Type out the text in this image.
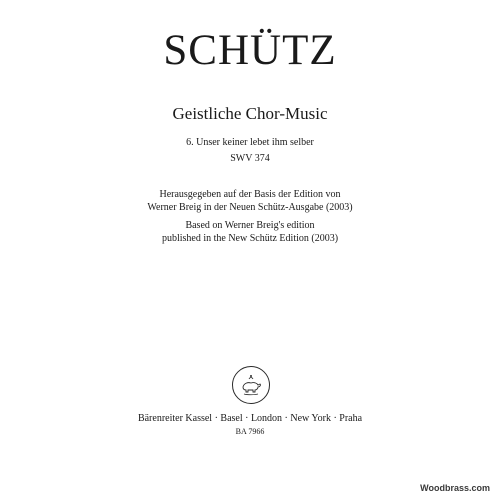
SCHÜTZ
Geistliche Chor-Music
6. Unser keiner lebet ihm selber
SWV 374
Herausgegeben auf der Basis der Edition von
Werner Breig in der Neuen Schütz-Ausgabe (2003)
Based on Werner Breig's edition
published in the New Schütz Edition (2003)
Bärenreiter Kassel · Basel · London · New York · Praha
BA 7966
Woodbrass.com
